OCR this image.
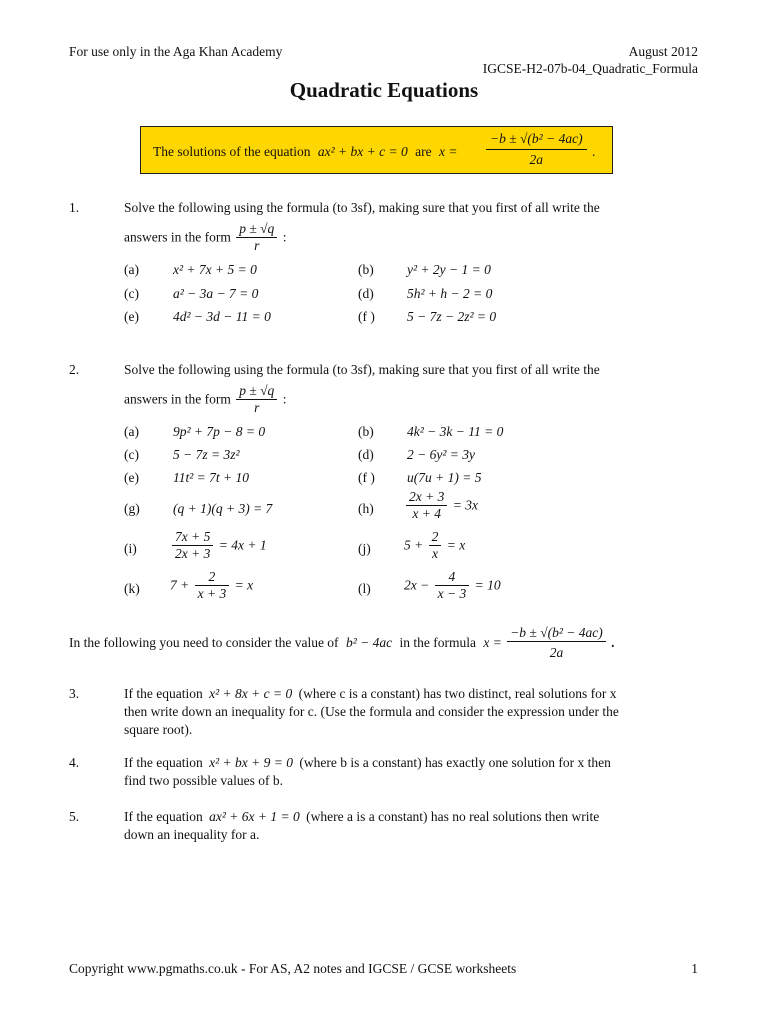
For use only in the Aga Khan Academy	August 2012
IGCSE-H2-07b-04_Quadratic_Formula
Quadratic Equations
The solutions of the equation ax² + bx + c = 0 are $x = \frac{\text{−b ± √(b² − 4ac)}}{2a}$ .
1.	Solve the following using the formula (to 3sf), making sure that you first of all write the
answers in the form $\frac{p \pm √q}{r}$ :
(a)	x² + 7x + 5 = 0	(b) y² + 2y − 1 = 0
(c)	a² − 3a − 7 = 0	(d) 5h² + h − 2 = 0
(e)	4d² − 3d − 11 = 0	(f ) 5 − 7z − 2z² = 0
2.	Solve the following using the formula (to 3sf), making sure that you first of all write the
answers in the form $\frac{p \pm √q}{r}$ :
(a)	9p² + 7p − 8 = 0	(b) 4k² − 3k − 11 = 0
(c)	5 − 7z = 3z²	(d) 2 − 6y² = 3y
(e)	11t² = 7t + 10	(f ) u(7u + 1) = 5
(g) (q + 1)(q + 3) = 7	$(h) \frac{2x + 3}{x + 4} = 3x$
(i)	$\frac{7x + 5}{2x + 3} = 4x + 1$	(j) $5 + \frac{2}{x} = x$
(k) $7 + \frac{2}{x + 3} = x$	(l) $2x - \frac{4}{x - 3} = 10$
In the following you need to consider the value of b² − 4ac in the formula $x = \frac{\text{−b ± √(b² − 4ac)}}{2a}$ .
3.	If the equation x² + 8x + c = 0 (where c is a constant) has two distinct, real solutions for x
then write down an inequality for c. (Use the formula and consider the expression under the
square root).
4.	If the equation x² + bx + 9 = 0 (where b is a constant) has exactly one solution for x then
find two possible values of b.
5.	If the equation ax² + 6x + 1 = 0 (where a is a constant) has no real solutions then write
down an inequality for a.
Copyright www.pgmaths.co.uk - For AS, A2 notes and IGCSE / GCSE worksheets	1
